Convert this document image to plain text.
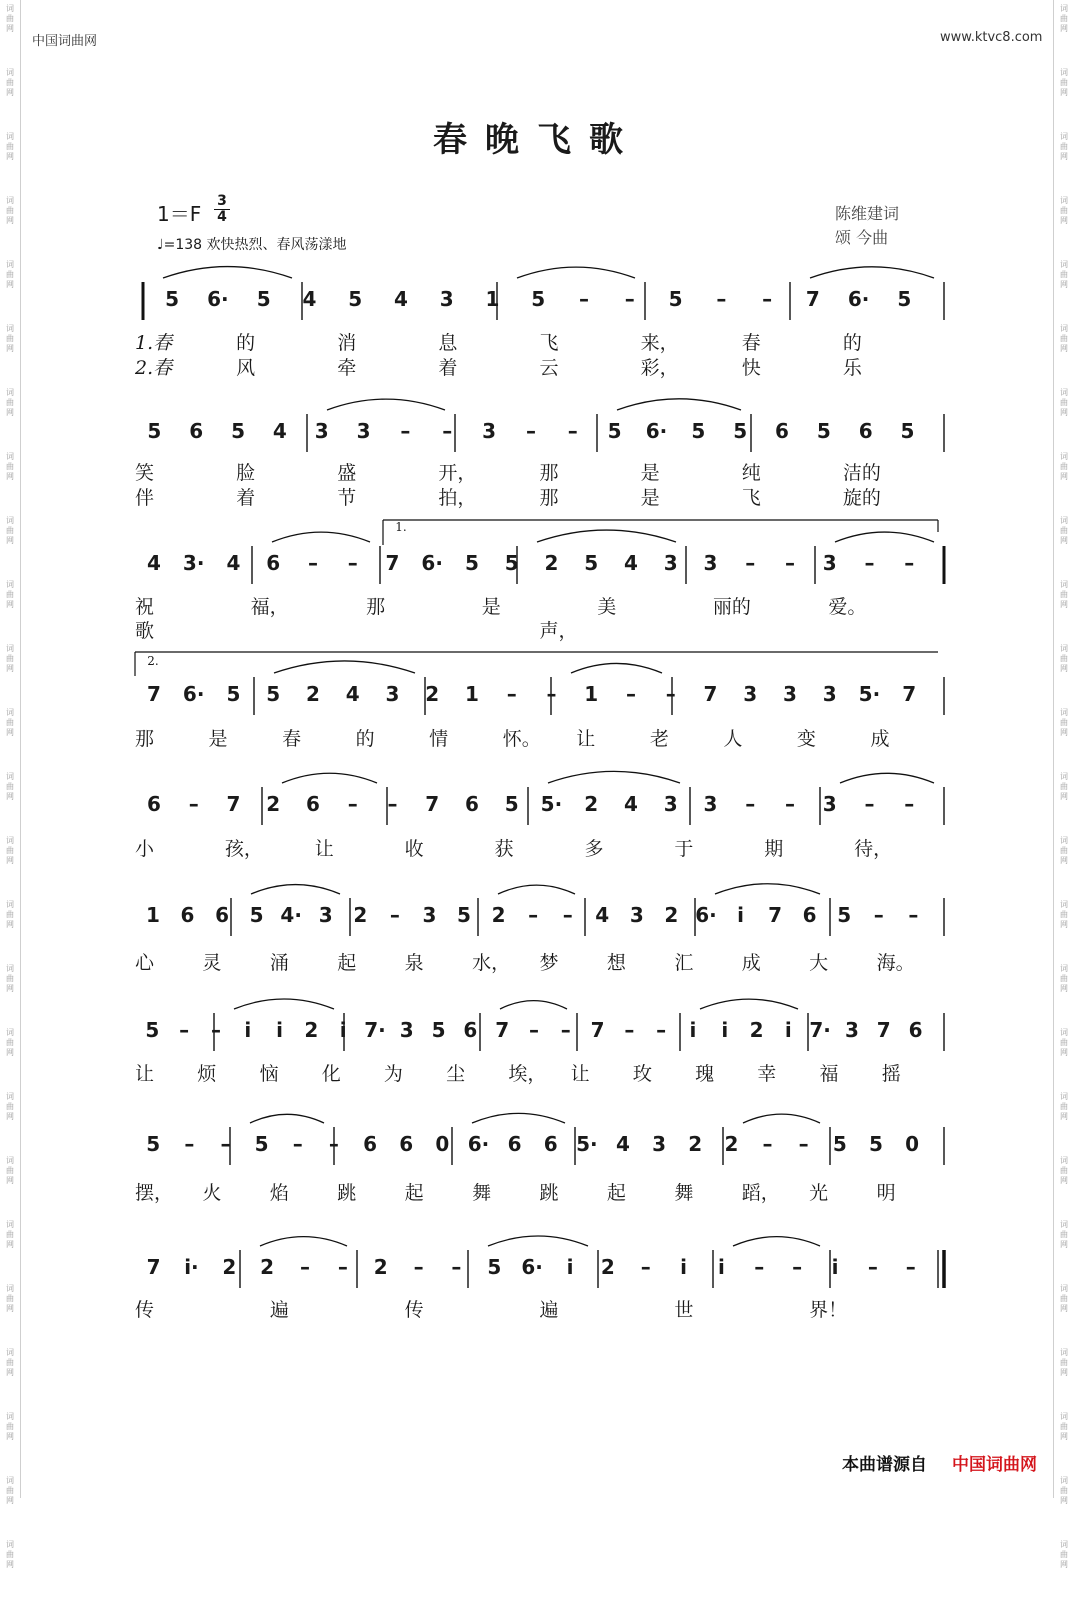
词
曲
网
词
曲
网
词
曲
网
词
曲
网
词
曲
网
词
曲
网
词
曲
网
词
曲
网
词
曲
网
词
曲
网
词
曲
网
词
曲
网
词
曲
网
词
曲
网
词
曲
网
词
曲
网
词
曲
网
词
曲
网
词
曲
网
词
曲
网
词
曲
网
词
曲
网
词
曲
网
词
曲
网
词
曲
网
词
曲
网
词
曲
网
词
曲
网
词
曲
网
词
曲
网
词
曲
网
词
曲
网
词
曲
网
词
曲
网
词
曲
网
词
曲
网
词
曲
网
词
曲
网
词
曲
网
词
曲
网
词
曲
网
词
曲
网
词
曲
网
词
曲
网
词
曲
网
词
曲
网
词
曲
网
词
曲
网
词
曲
网
词
曲
网
中国词曲网	www.ktvc8.com
春晚飞歌
1＝F
3
4
♩=138 欢快热烈、春风荡漾地
陈维建词
颂 今曲
5 6· 5 4 5 4 3 1 5	–	–	5	–	–	7 6· 5
1.春	的	消	息	飞	来，	春	的
2.春	风	牵	着	云	彩，	快	乐
5 6 5 4 3 3	–	–	3	–	–	5 6· 5 5 6 5 6 5
笑	脸	盛	开，	那	是	纯	洁的
伴	着	节	拍，	那	是	飞	旋的
4 3· 4 6	–	–	7 6· 5 5 2 5 4 3 3	–	–	3	–	–
祝	福，	那	是	美	丽的	爱。
歌	声，
7 6· 5 5 2 4 3 2 1	–	–	1	–	–	7 3 3 3 5· 7
那	是	春	的	情	怀。 让	老	人	变	成
6	–	7 2 6	–	–	7 6 5 5· 2 4 3 3	–	–	3	–	–
小	孩，	让	收	获	多	于	期	待，
1 6 6 5 4· 3 2	–	3 5 2	–	–	4 3 2 6·	i	7 6 5	–	–
心	灵	涌	起	泉	水， 梦	想	汇	成	大	海。
5 –	–	i	i	2	i 7· 3 5 6 7 –	– 7 –	–	i	i	2	i 7· 3 7 6
让 烦 恼 化 为 尘 埃， 让 玫 瑰 幸 福 摇
5	–	–	5	–	–	6 6 0 6· 6 6 5· 4 3 2 2	–	–	5 5 0
摆， 火	焰	跳	起	舞	跳	起	舞	蹈， 光	明
7 i· 2 2	–	–	2	–	–	5 6·	i	2	–	i	i	–	–	i	–	–
传	遍	传	遍	世	界！
1.
2.
本曲谱源自 中国词曲网
